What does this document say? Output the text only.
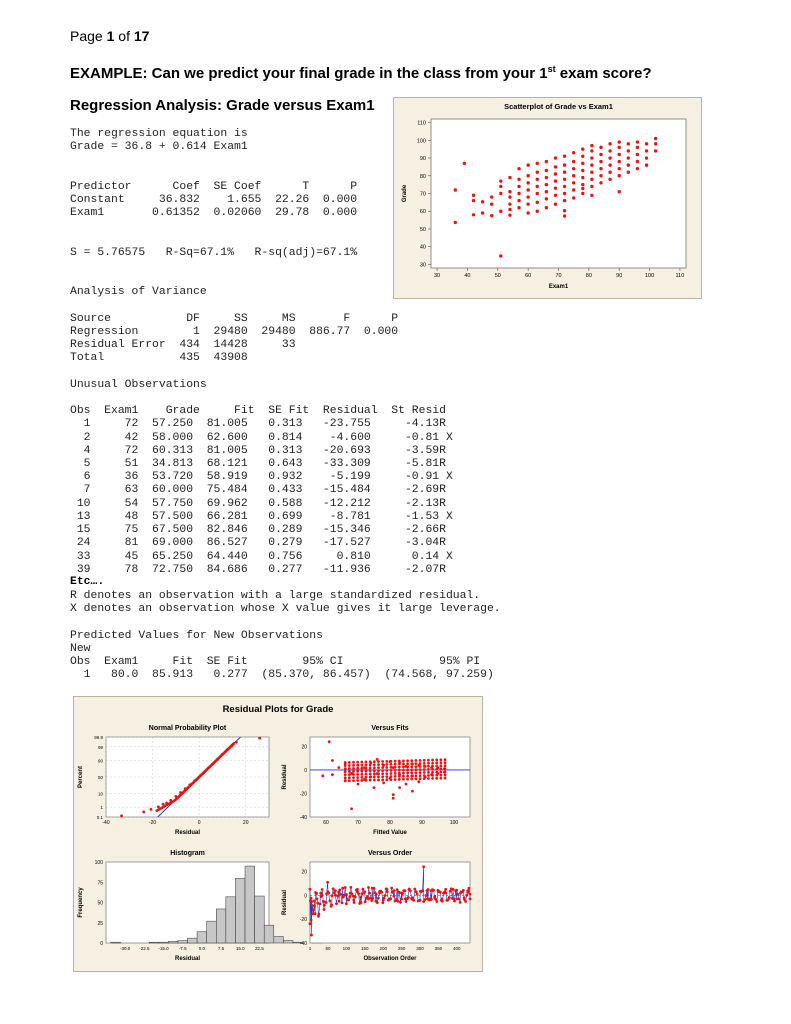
Page 1 of 17
EXAMPLE: Can we predict your final grade in the class from your 1st exam score?
Regression Analysis: Grade versus Exam1
The regression equation is
Grade = 36.8 + 0.614 Exam1

Predictor      Coef  SE Coef      T      P
Constant     36.832    1.655  22.26  0.000
Exam1       0.61352  0.02060  29.78  0.000

S = 5.76575   R-Sq=67.1%   R-sq(adj)=67.1%

Analysis of Variance

Source           DF     SS     MS       F      P
Regression        1  29480  29480  886.77  0.000
Residual Error  434  14428     33
Total           435  43908

Unusual Observations

Obs  Exam1    Grade     Fit  SE Fit  Residual  St Resid
1     72  57.250  81.005   0.313   -23.755     -4.13R
2     42  58.000  62.600   0.814    -4.600     -0.81 X
4     72  60.313  81.005   0.313   -20.693     -3.59R
5     51  34.813  68.121   0.643   -33.309     -5.81R
6     36  53.720  58.919   0.932    -5.199     -0.91 X
7     63  60.000  75.484   0.433   -15.484     -2.69R
10     54  57.750  69.962   0.588   -12.212     -2.13R
13     48  57.500  66.281   0.699    -8.781     -1.53 X
15     75  67.500  82.846   0.289   -15.346     -2.66R
24     81  69.000  86.527   0.279   -17.527     -3.04R
33     45  65.250  64.440   0.756     0.810      0.14 X
39     78  72.750  84.686   0.277   -11.936     -2.07R
Etc….
R denotes an observation with a large standardized residual.
X denotes an observation whose X value gives it large leverage.

Predicted Values for New Observations
New
Obs  Exam1     Fit  SE Fit        95% CI              95% PI
1   80.0  85.913   0.277  (85.370, 86.457)  (74.568, 97.259)
Scatterplot of Grade vs Exam1
Exam1
Grade
30	40	50	60	70	80	90	100	110
30
40
50
60
70
80
90
100
110
Residual Plots for Grade
Normal Probability Plot
Residual
Percent
0.1
1
10
50
90
99
99.9
-40	-20	0	20
Versus Fits
Fitted Value
Residual
-40
-20
0
20
60	70	80	90	100
Histogram
Residual
Frequency
0
25
50
75
100
-30.0 -22.5 -15.0 -7.5	0.0	7.5	15.0 22.5
Versus Order
Observation Order
Residual
-40
-20
0
20
1	50	100 150 200 250 300 350 400
